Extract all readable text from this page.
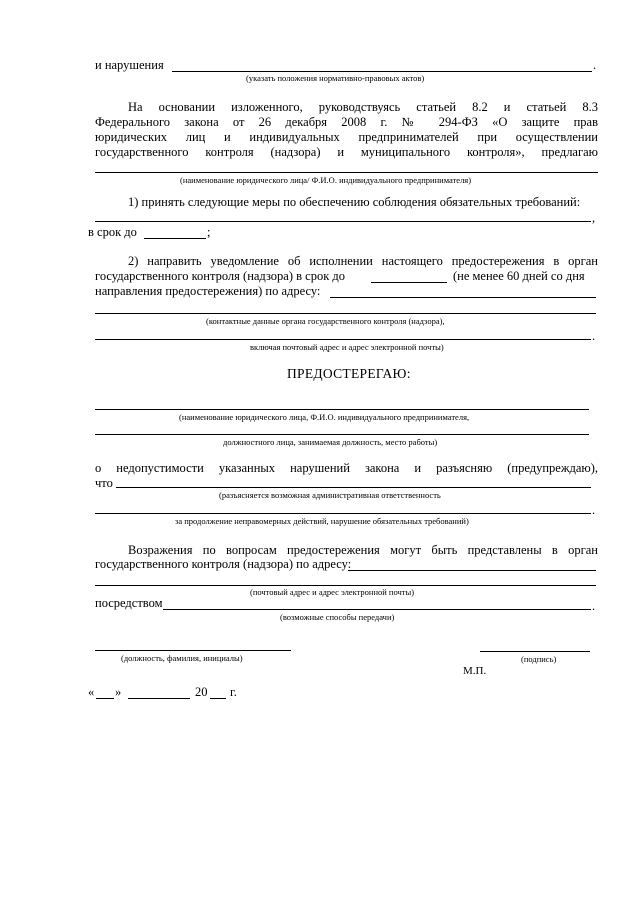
и нарушения	.
(указать положения нормативно-правовых актов)
На основании изложенного, руководствуясь статьей 8.2 и статьей 8.3
Федерального закона от 26 декабря 2008 г. № 294-ФЗ «О защите прав
юридических лиц и индивидуальных предпринимателей при осуществлении
государственного контроля (надзора) и муниципального контроля», предлагаю
(наименование юридического лица/ Ф.И.О. индивидуального предпринимателя)
1) принять следующие меры по обеспечению соблюдения обязательных требований:
,
в срок до	;
2) направить уведомление об исполнении настоящего предостережения в орган
государственного контроля (надзора) в срок до	(не менее 60 дней со дня
направления предостережения) по адресу:
(контактные данные органа государственного контроля (надзора),
.
включая почтовый адрес и адрес электронной почты)
ПРЕДОСТЕРЕГАЮ:
(наименование юридического лица, Ф.И.О. индивидуального предпринимателя,
должностного лица, занимаемая должность, место работы)
о недопустимости указанных нарушений закона и разъясняю (предупреждаю),
что
(разъясняется возможная административная ответственность
.
за продолжение неправомерных действий, нарушение обязательных требований)
Возражения по вопросам предостережения могут быть представлены в орган
государственного контроля (надзора) по адресу:
(почтовый адрес и адрес электронной почты)
посредством	.
(возможные способы передачи)
(должность, фамилия, инициалы)	(подпись)
М.П.
« »	20 г.
